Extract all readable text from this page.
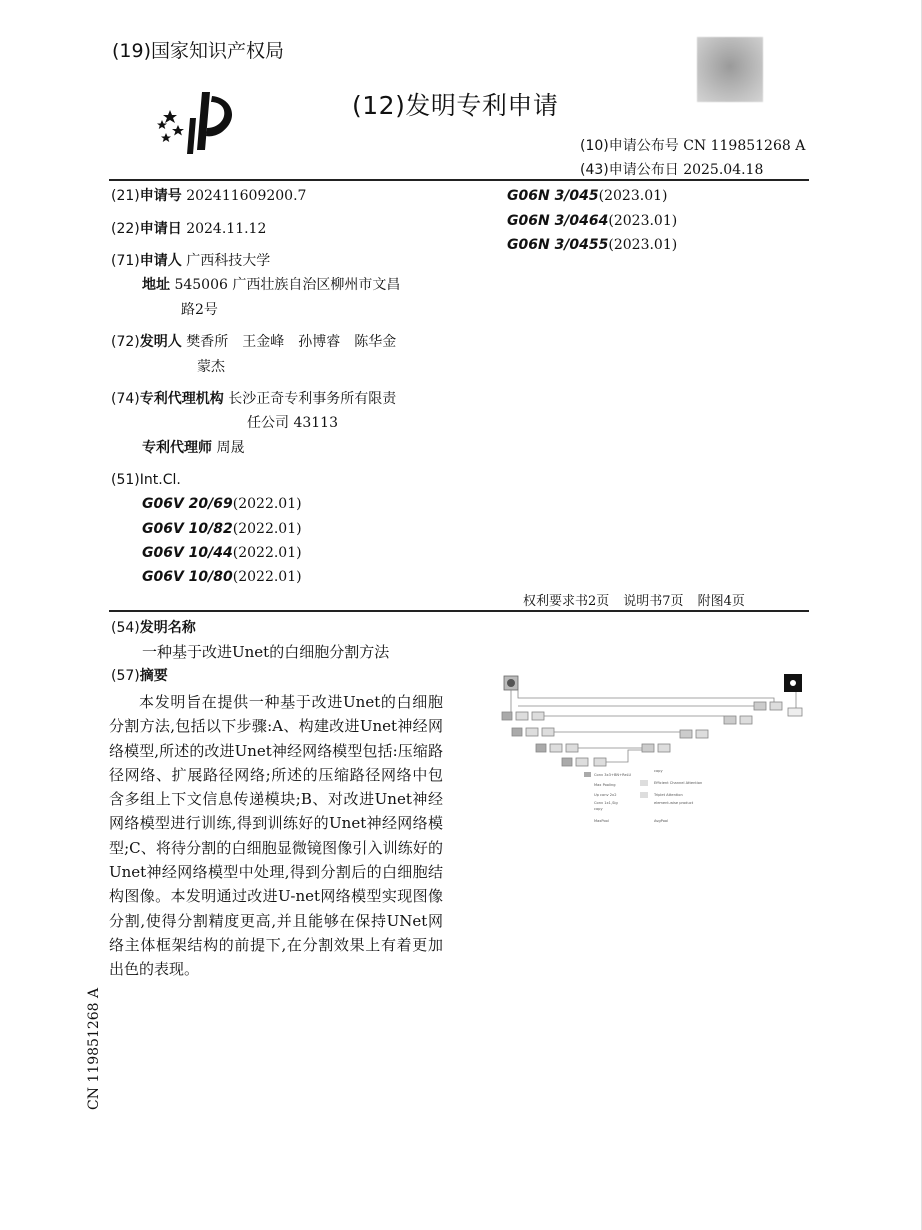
(19)国家知识产权局
(12)发明专利申请
(10)申请公布号 CN 119851268 A
(43)申请公布日 2025.04.18
(21)申请号 202411609200.7
(22)申请日 2024.11.12
(71)申请人 广西科技大学
地址 545006 广西壮族自治区柳州市文昌
路2号
(72)发明人 樊香所　王金峰　孙博睿　陈华金
蒙杰
(74)专利代理机构 长沙正奇专利事务所有限责
任公司 43113
专利代理师 周晟
(51)Int.Cl.
G06V 20/69(2022.01)
G06V 10/82(2022.01)
G06V 10/44(2022.01)
G06V 10/80(2022.01)
G06N 3/045(2023.01)
G06N 3/0464(2023.01)
G06N 3/0455(2023.01)
权利要求书2页 说明书7页 附图4页
(54)发明名称
一种基于改进Unet的白细胞分割方法
(57)摘要

本发明旨在提供一种基于改进Unet的白细胞分割方法,包括以下步骤:A、构建改进Unet神经网络模型,所述的改进Unet神经网络模型包括:压缩路径网络、扩展路径网络;所述的压缩路径网络中包含多组上下文信息传递模块;B、对改进Unet神经网络模型进行训练,得到训练好的Unet神经网络模型;C、将待分割的白细胞显微镜图像引入训练好的Unet神经网络模型中处理,得到分割后的白细胞结构图像。本发明通过改进U-net网络模型实现图像分割,使得分割精度更高,并且能够在保持UNet网络主体框架结构的前提下,在分割效果上有着更加出色的表现。

Conv 3x3+BN+ReLU
Max Pooling
Up conv 2x2
Conv 1x1,Sig
copy
MaxPool
copy
Efficient Channel Attention
Triplet Attention
element-wise product
AvgPool
CN 119851268 A
